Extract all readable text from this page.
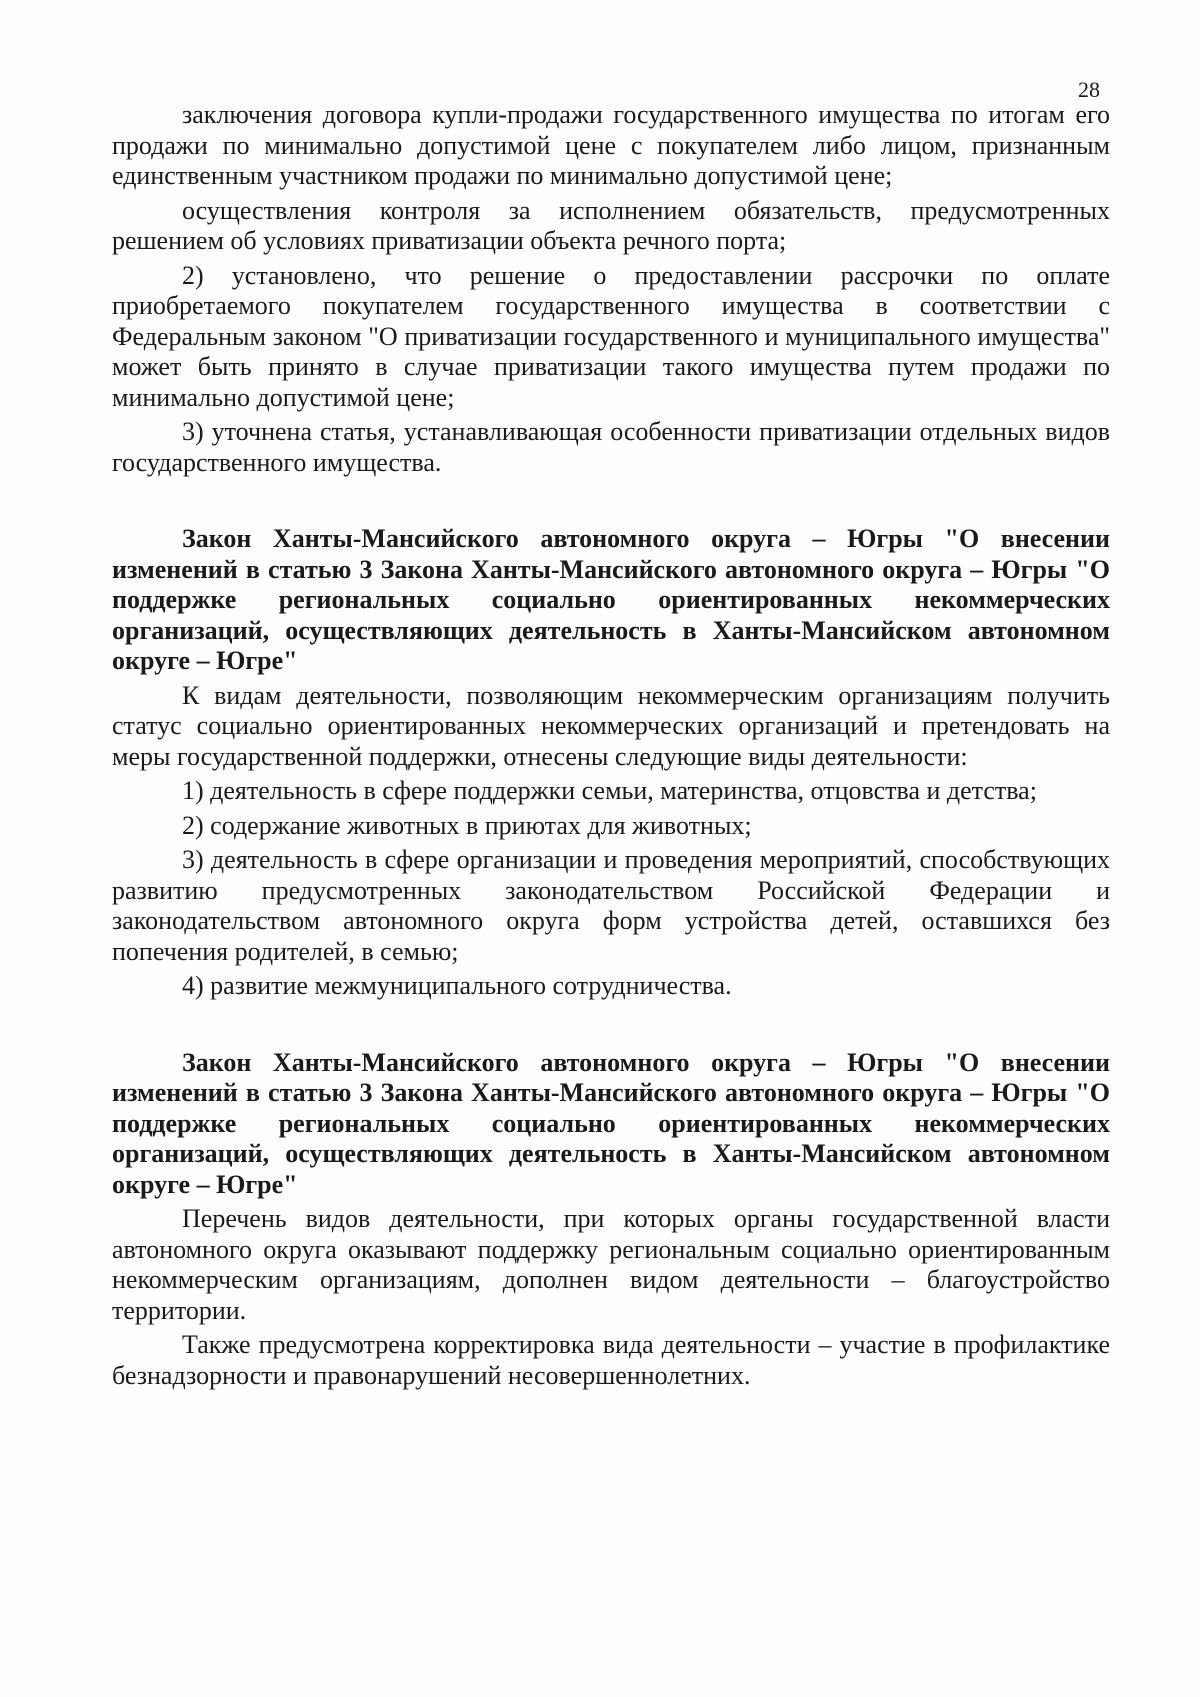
28

заключения договора купли-продажи государственного имущества по итогам его продажи по минимально допустимой цене с покупателем либо лицом, признанным единственным участником продажи по минимально допустимой цене;

осуществления контроля за исполнением обязательств, предусмотренных решением об условиях приватизации объекта речного порта;

2) установлено, что решение о предоставлении рассрочки по оплате приобретаемого покупателем государственного имущества в соответствии с Федеральным законом "О приватизации государственного и муниципального имущества" может быть принято в случае приватизации такого имущества путем продажи по минимально допустимой цене;

3) уточнена статья, устанавливающая особенности приватизации отдельных видов государственного имущества.

Закон Ханты-Мансийского автономного округа – Югры "О внесении изменений в статью 3 Закона Ханты-Мансийского автономного округа – Югры "О поддержке региональных социально ориентированных некоммерческих организаций, осуществляющих деятельность в Ханты-Мансийском автономном округе – Югре"

К видам деятельности, позволяющим некоммерческим организациям получить статус социально ориентированных некоммерческих организаций и претендовать на меры государственной поддержки, отнесены следующие виды деятельности:

1) деятельность в сфере поддержки семьи, материнства, отцовства и детства;

2) содержание животных в приютах для животных;

3) деятельность в сфере организации и проведения мероприятий, способствующих развитию предусмотренных законодательством Российской Федерации и законодательством автономного округа форм устройства детей, оставшихся без попечения родителей, в семью;

4) развитие межмуниципального сотрудничества.

Закон Ханты-Мансийского автономного округа – Югры "О внесении изменений в статью 3 Закона Ханты-Мансийского автономного округа – Югры "О поддержке региональных социально ориентированных некоммерческих организаций, осуществляющих деятельность в Ханты-Мансийском автономном округе – Югре"

Перечень видов деятельности, при которых органы государственной власти автономного округа оказывают поддержку региональным социально ориентированным некоммерческим организациям, дополнен видом деятельности – благоустройство территории.

Также предусмотрена корректировка вида деятельности – участие в профилактике безнадзорности и правонарушений несовершеннолетних.
